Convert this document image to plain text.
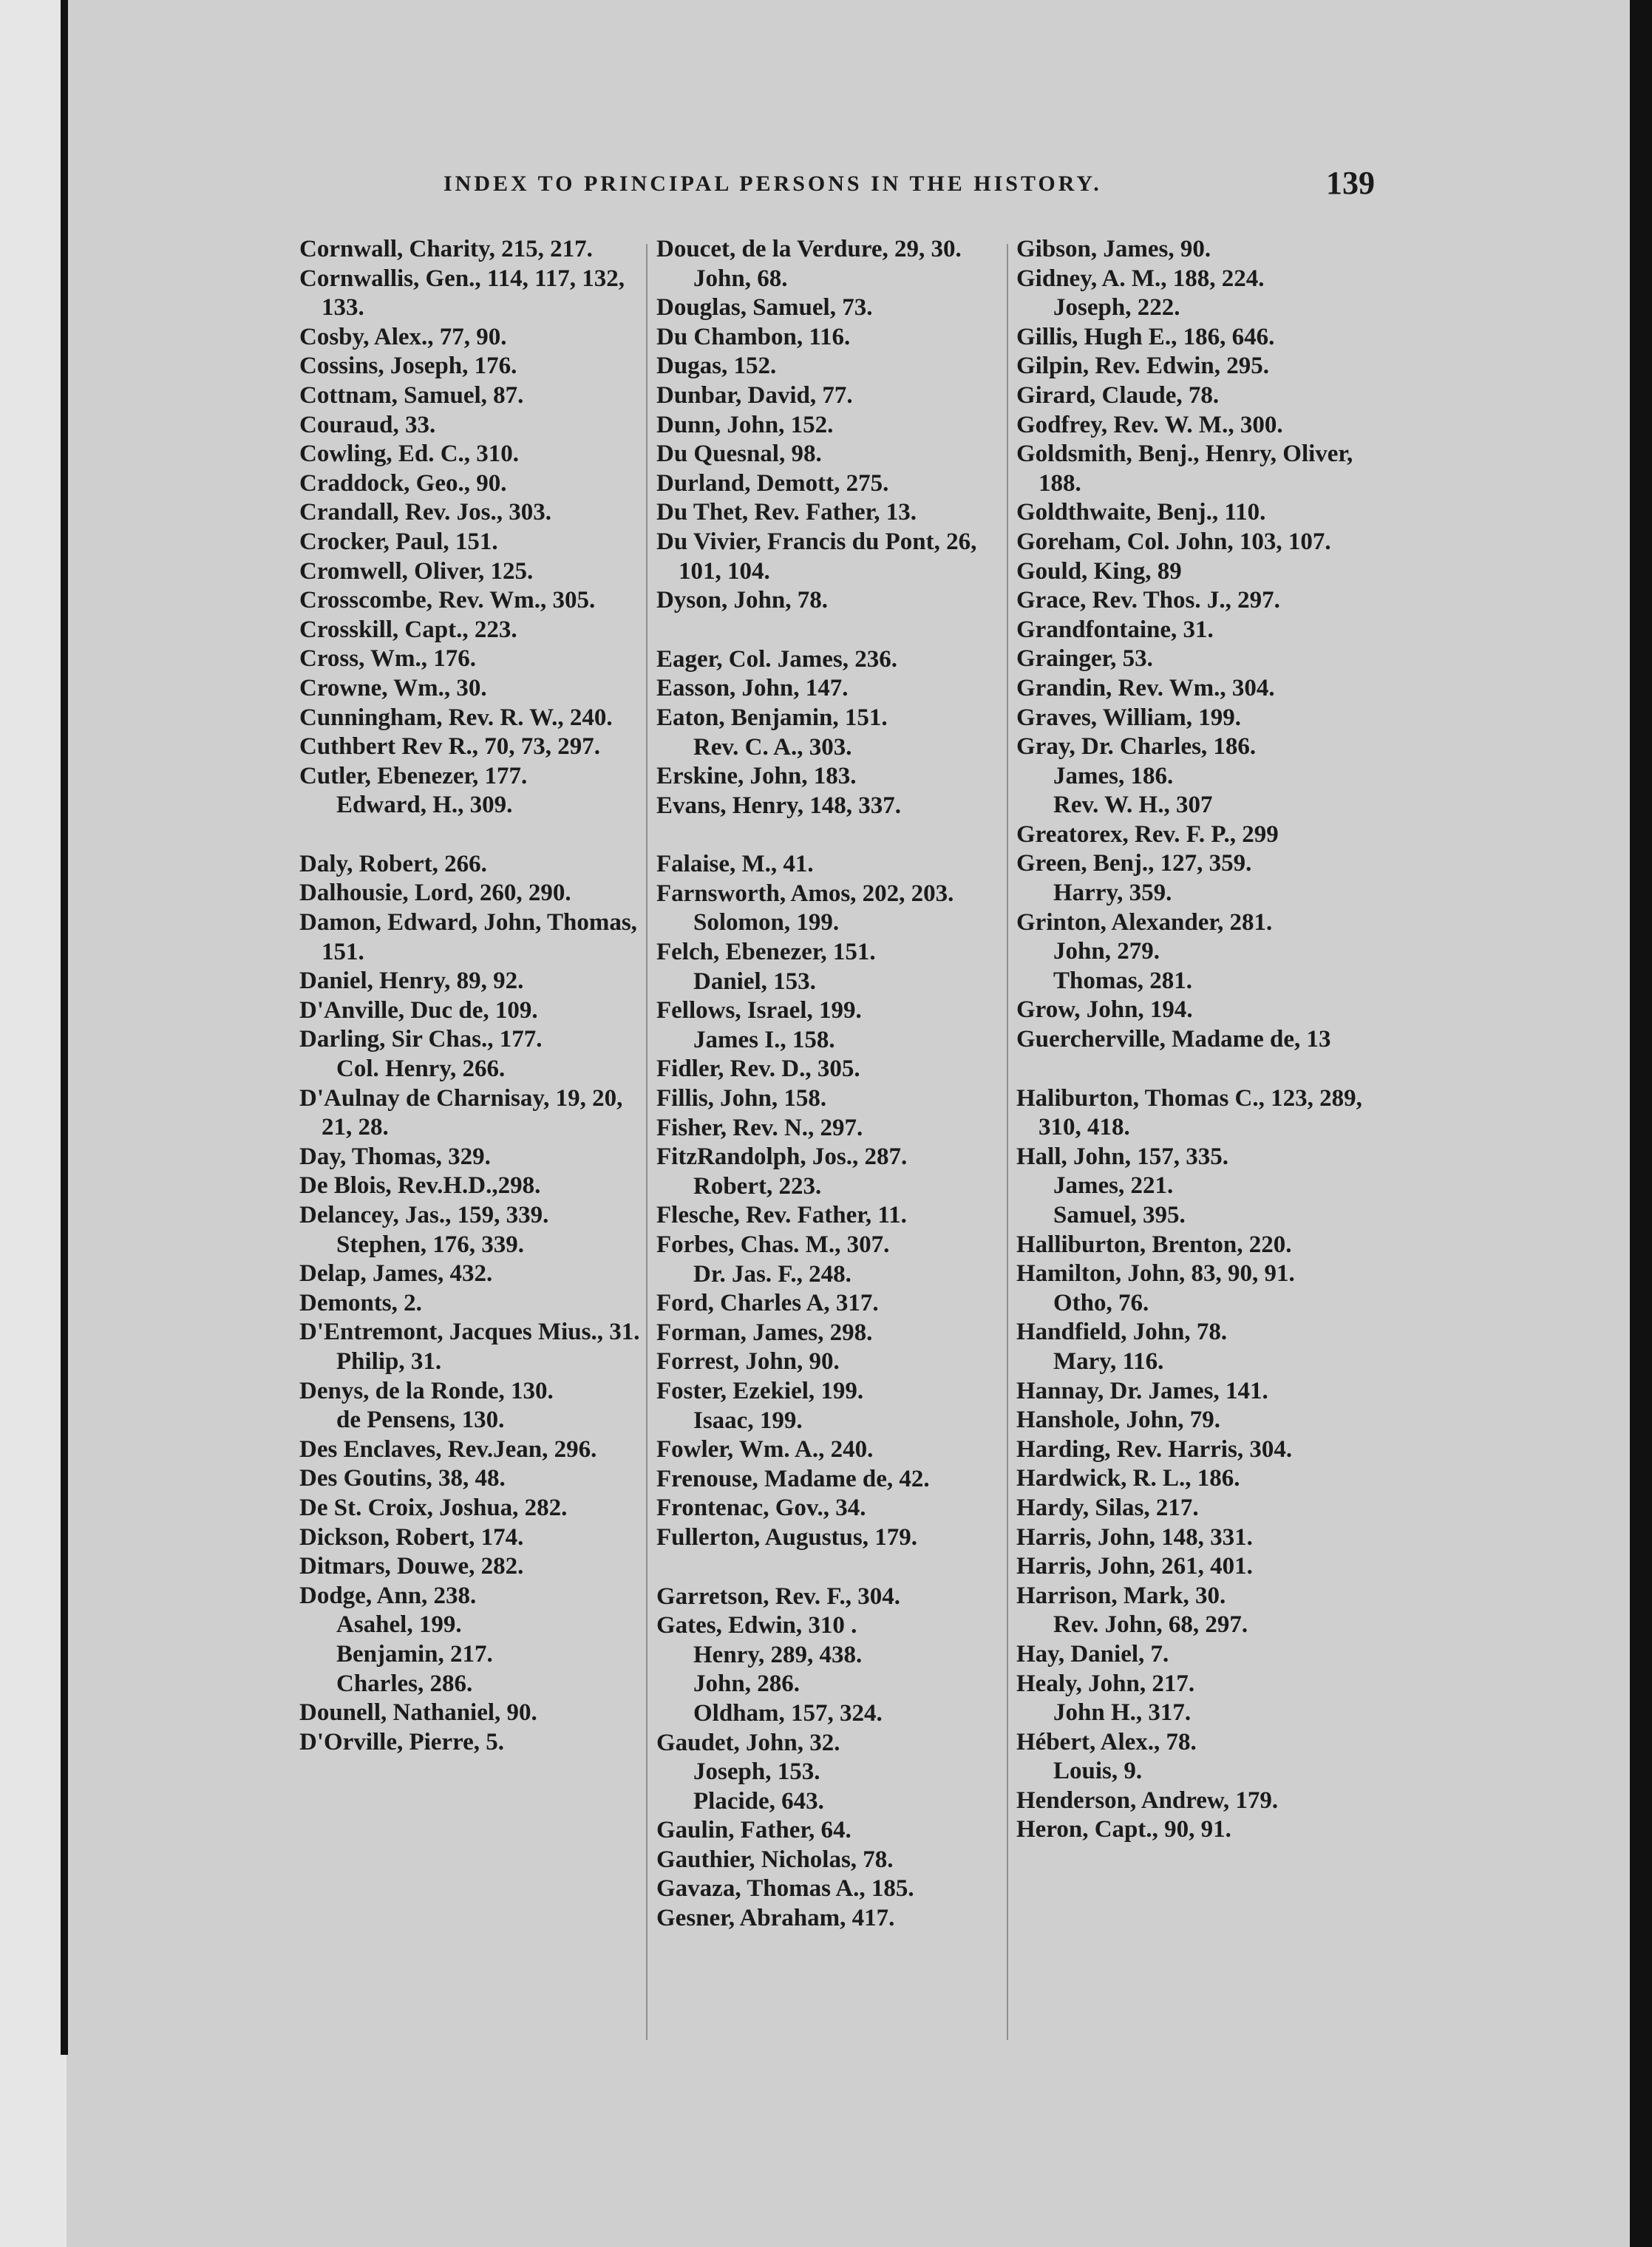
INDEX TO PRINCIPAL PERSONS IN THE HISTORY.	139
Cornwall, Charity, 215, 217.
Cornwallis, Gen., 114, 117, 132, 133.
Cosby, Alex., 77, 90.
Cossins, Joseph, 176.
Cottnam, Samuel, 87.
Couraud, 33.
Cowling, Ed. C., 310.
Craddock, Geo., 90.
Crandall, Rev. Jos., 303.
Crocker, Paul, 151.
Cromwell, Oliver, 125.
Crosscombe, Rev. Wm., 305.
Crosskill, Capt., 223.
Cross, Wm., 176.
Crowne, Wm., 30.
Cunningham, Rev. R. W., 240.
Cuthbert Rev R., 70, 73, 297.
Cutler, Ebenezer, 177.
Edward, H., 309.
Daly, Robert, 266.
Dalhousie, Lord, 260, 290.
Damon, Edward, John, Thomas, 151.
Daniel, Henry, 89, 92.
D'Anville, Duc de, 109.
Darling, Sir Chas., 177.
Col. Henry, 266.
D'Aulnay de Charnisay, 19, 20, 21, 28.
Day, Thomas, 329.
De Blois, Rev.H.D.,298.
Delancey, Jas., 159, 339.
Stephen, 176, 339.
Delap, James, 432.
Demonts, 2.
D'Entremont, Jacques Mius., 31.
Philip, 31.
Denys, de la Ronde, 130.
de Pensens, 130.
Des Enclaves, Rev.Jean, 296.
Des Goutins, 38, 48.
De St. Croix, Joshua, 282.
Dickson, Robert, 174.
Ditmars, Douwe, 282.
Dodge, Ann, 238.
Asahel, 199.
Benjamin, 217.
Charles, 286.
Dounell, Nathaniel, 90.
D'Orville, Pierre, 5.
Doucet, de la Verdure, 29, 30.
John, 68.
Douglas, Samuel, 73.
Du Chambon, 116.
Dugas, 152.
Dunbar, David, 77.
Dunn, John, 152.
Du Quesnal, 98.
Durland, Demott, 275.
Du Thet, Rev. Father, 13.
Du Vivier, Francis du Pont, 26, 101, 104.
Dyson, John, 78.
Eager, Col. James, 236.
Easson, John, 147.
Eaton, Benjamin, 151.
Rev. C. A., 303.
Erskine, John, 183.
Evans, Henry, 148, 337.
Falaise, M., 41.
Farnsworth, Amos, 202, 203.
Solomon, 199.
Felch, Ebenezer, 151.
Daniel, 153.
Fellows, Israel, 199.
James I., 158.
Fidler, Rev. D., 305.
Fillis, John, 158.
Fisher, Rev. N., 297.
FitzRandolph, Jos., 287.
Robert, 223.
Flesche, Rev. Father, 11.
Forbes, Chas. M., 307.
Dr. Jas. F., 248.
Ford, Charles A, 317.
Forman, James, 298.
Forrest, John, 90.
Foster, Ezekiel, 199.
Isaac, 199.
Fowler, Wm. A., 240.
Frenouse, Madame de, 42.
Frontenac, Gov., 34.
Fullerton, Augustus, 179.
Garretson, Rev. F., 304.
Gates, Edwin, 310 .
Henry, 289, 438.
John, 286.
Oldham, 157, 324.
Gaudet, John, 32.
Joseph, 153.
Placide, 643.
Gaulin, Father, 64.
Gauthier, Nicholas, 78.
Gavaza, Thomas A., 185.
Gesner, Abraham, 417.
Gibson, James, 90.
Gidney, A. M., 188, 224.
Joseph, 222.
Gillis, Hugh E., 186, 646.
Gilpin, Rev. Edwin, 295.
Girard, Claude, 78.
Godfrey, Rev. W. M., 300.
Goldsmith, Benj., Henry, Oliver, 188.
Goldthwaite, Benj., 110.
Goreham, Col. John, 103, 107.
Gould, King, 89
Grace, Rev. Thos. J., 297.
Grandfontaine, 31.
Grainger, 53.
Grandin, Rev. Wm., 304.
Graves, William, 199.
Gray, Dr. Charles, 186.
James, 186.
Rev. W. H., 307
Greatorex, Rev. F. P., 299
Green, Benj., 127, 359.
Harry, 359.
Grinton, Alexander, 281.
John, 279.
Thomas, 281.
Grow, John, 194.
Guercherville, Madame de, 13
Haliburton, Thomas C., 123, 289, 310, 418.
Hall, John, 157, 335.
James, 221.
Samuel, 395.
Halliburton, Brenton, 220.
Hamilton, John, 83, 90, 91.
Otho, 76.
Handfield, John, 78.
Mary, 116.
Hannay, Dr. James, 141.
Hanshole, John, 79.
Harding, Rev. Harris, 304.
Hardwick, R. L., 186.
Hardy, Silas, 217.
Harris, John, 148, 331.
Harris, John, 261, 401.
Harrison, Mark, 30.
Rev. John, 68, 297.
Hay, Daniel, 7.
Healy, John, 217.
John H., 317.
Hébert, Alex., 78.
Louis, 9.
Henderson, Andrew, 179.
Heron, Capt., 90, 91.
